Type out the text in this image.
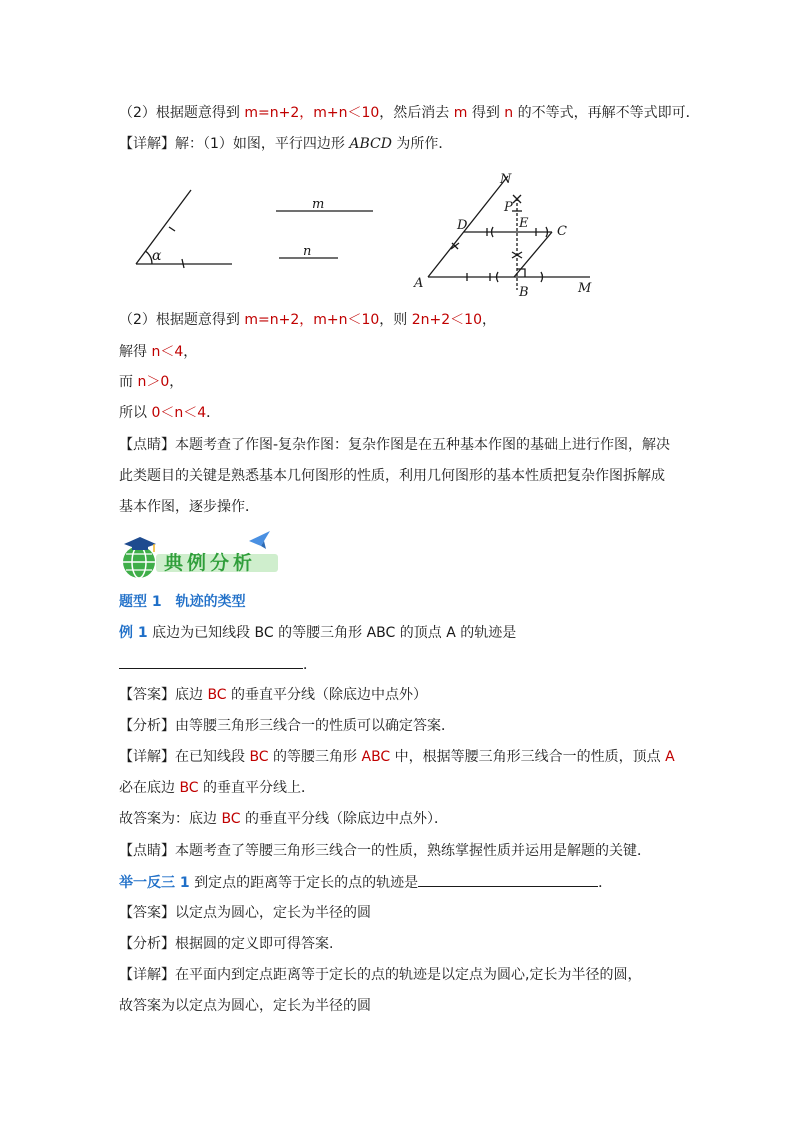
（2）根据题意得到 m=n+2，m+n＜10，然后消去 m 得到 n 的不等式，再解不等式即可．
【详解】解：（1）如图，平行四边形 ABCD 为所作．
α
m
n
N
P
D	E
C
A
B	M
（2）根据题意得到 m=n+2，m+n＜10，则 2n+2＜10，
解得 n＜4，
而 n＞0，
所以 0＜n＜4．
【点睛】本题考查了作图-复杂作图：复杂作图是在五种基本作图的基础上进行作图，解决
此类题目的关键是熟悉基本几何图形的性质，利用几何图形的基本性质把复杂作图拆解成
基本作图，逐步操作．
典例分析
题型 1　轨迹的类型
例 1 底边为已知线段 BC 的等腰三角形 ABC 的顶点 A 的轨迹是
．
【答案】底边 BC 的垂直平分线（除底边中点外）
【分析】由等腰三角形三线合一的性质可以确定答案．
【详解】在已知线段 BC 的等腰三角形 ABC 中，根据等腰三角形三线合一的性质，顶点 A
必在底边 BC 的垂直平分线上．
故答案为：底边 BC 的垂直平分线（除底边中点外）．
【点睛】本题考查了等腰三角形三线合一的性质，熟练掌握性质并运用是解题的关键．
举一反三 1 到定点的距离等于定长的点的轨迹是	．
【答案】以定点为圆心，定长为半径的圆
【分析】根据圆的定义即可得答案.
【详解】在平面内到定点距离等于定长的点的轨迹是以定点为圆心,定长为半径的圆，
故答案为以定点为圆心，定长为半径的圆
